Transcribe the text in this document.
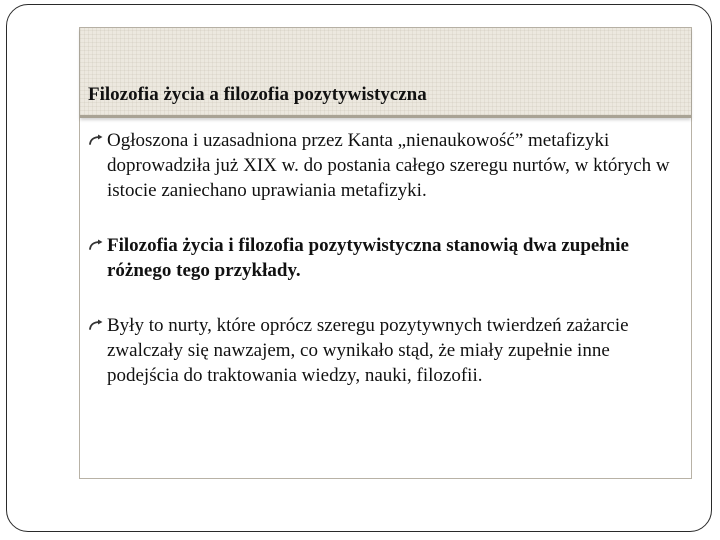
Filozofia życia a filozofia pozytywistyczna
Ogłoszona i uzasadniona przez Kanta „nienaukowość” metafizyki doprowadziła już XIX w. do postania całego szeregu nurtów, w których w istocie zaniechano uprawiania metafizyki.
Filozofia życia i filozofia pozytywistyczna stanowią dwa zupełnie różnego tego przykłady.
Były to nurty, które oprócz szeregu pozytywnych twierdzeń zażarcie zwalczały się nawzajem, co wynikało stąd, że miały zupełnie inne podejścia do traktowania wiedzy, nauki, filozofii.
